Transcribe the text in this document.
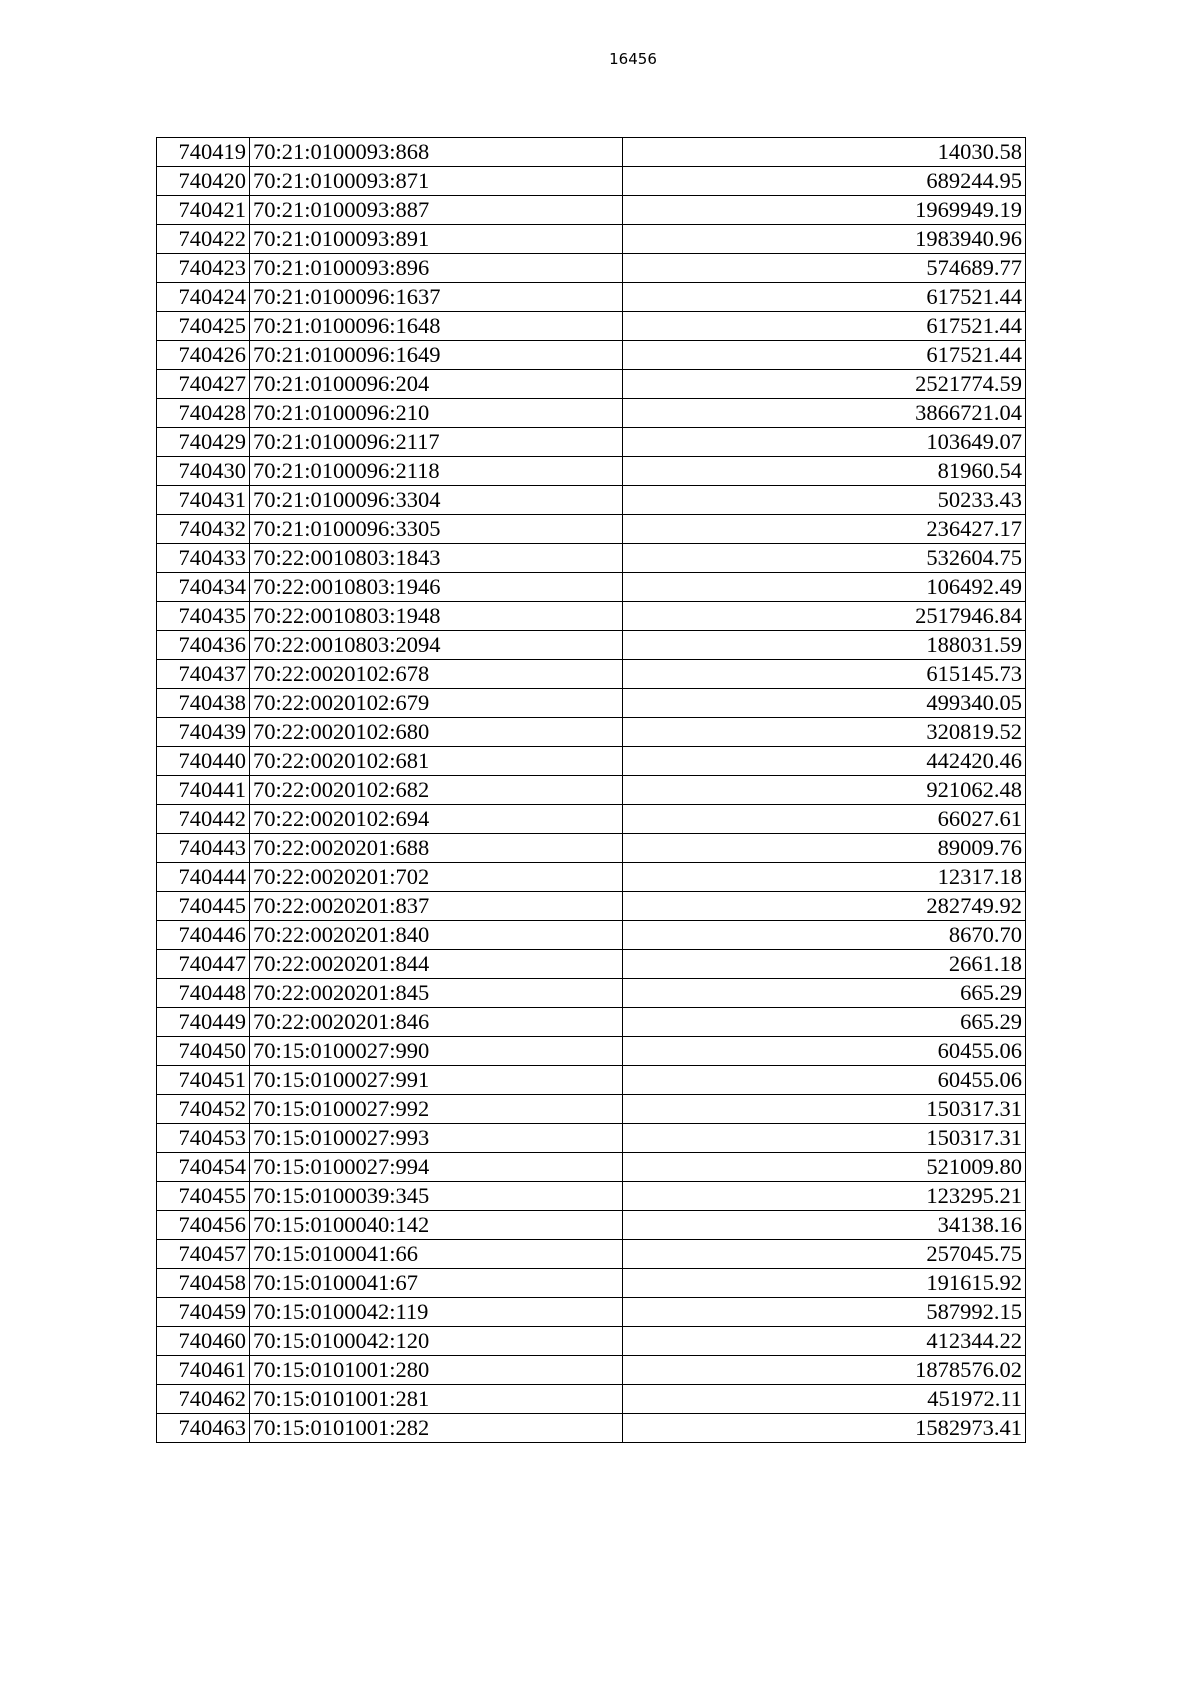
16456
740419	70:21:0100093:868	14030.58
740420	70:21:0100093:871	689244.95
740421	70:21:0100093:887	1969949.19
740422	70:21:0100093:891	1983940.96
740423	70:21:0100093:896	574689.77
740424	70:21:0100096:1637	617521.44
740425	70:21:0100096:1648	617521.44
740426	70:21:0100096:1649	617521.44
740427	70:21:0100096:204	2521774.59
740428	70:21:0100096:210	3866721.04
740429	70:21:0100096:2117	103649.07
740430	70:21:0100096:2118	81960.54
740431	70:21:0100096:3304	50233.43
740432	70:21:0100096:3305	236427.17
740433	70:22:0010803:1843	532604.75
740434	70:22:0010803:1946	106492.49
740435	70:22:0010803:1948	2517946.84
740436	70:22:0010803:2094	188031.59
740437	70:22:0020102:678	615145.73
740438	70:22:0020102:679	499340.05
740439	70:22:0020102:680	320819.52
740440	70:22:0020102:681	442420.46
740441	70:22:0020102:682	921062.48
740442	70:22:0020102:694	66027.61
740443	70:22:0020201:688	89009.76
740444	70:22:0020201:702	12317.18
740445	70:22:0020201:837	282749.92
740446	70:22:0020201:840	8670.70
740447	70:22:0020201:844	2661.18
740448	70:22:0020201:845	665.29
740449	70:22:0020201:846	665.29
740450	70:15:0100027:990	60455.06
740451	70:15:0100027:991	60455.06
740452	70:15:0100027:992	150317.31
740453	70:15:0100027:993	150317.31
740454	70:15:0100027:994	521009.80
740455	70:15:0100039:345	123295.21
740456	70:15:0100040:142	34138.16
740457	70:15:0100041:66	257045.75
740458	70:15:0100041:67	191615.92
740459	70:15:0100042:119	587992.15
740460	70:15:0100042:120	412344.22
740461	70:15:0101001:280	1878576.02
740462	70:15:0101001:281	451972.11
740463	70:15:0101001:282	1582973.41
